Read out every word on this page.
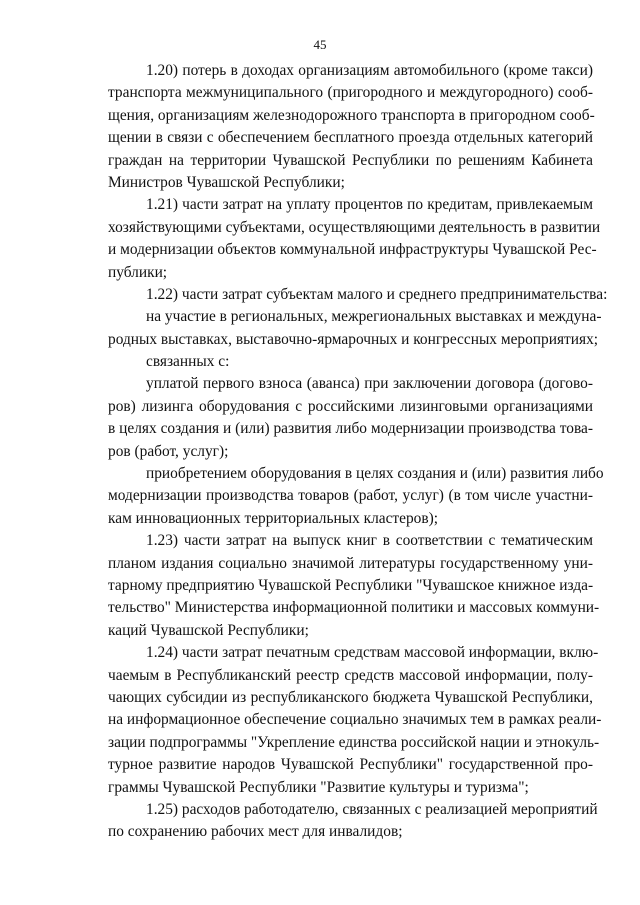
45
1.20) потерь в доходах организациям автомобильного (кроме такси)
транспорта межмуниципального (пригородного и междугородного) сооб-
щения, организациям железнодорожного транспорта в пригородном сооб-
щении в связи с обеспечением бесплатного проезда отдельных категорий
граждан на территории Чувашской Республики по решениям Кабинета
Министров Чувашской Республики;
1.21) части затрат на уплату процентов по кредитам, привлекаемым
хозяйствующими субъектами, осуществляющими деятельность в развитии
и модернизации объектов коммунальной инфраструктуры Чувашской Рес-
публики;
1.22) части затрат субъектам малого и среднего предпринимательства:
на участие в региональных, межрегиональных выставках и междуна-
родных выставках, выставочно-ярмарочных и конгрессных мероприятиях;
связанных с:
уплатой первого взноса (аванса) при заключении договора (догово-
ров) лизинга оборудования с российскими лизинговыми организациями
в целях создания и (или) развития либо модернизации производства това-
ров (работ, услуг);
приобретением оборудования в целях создания и (или) развития либо
модернизации производства товаров (работ, услуг) (в том числе участни-
кам инновационных территориальных кластеров);
1.23) части затрат на выпуск книг в соответствии с тематическим
планом издания социально значимой литературы государственному уни-
тарному предприятию Чувашской Республики "Чувашское книжное изда-
тельство" Министерства информационной политики и массовых коммуни-
каций Чувашской Республики;
1.24) части затрат печатным средствам массовой информации, вклю-
чаемым в Республиканский реестр средств массовой информации, полу-
чающих субсидии из республиканского бюджета Чувашской Республики,
на информационное обеспечение социально значимых тем в рамках реали-
зации подпрограммы "Укрепление единства российской нации и этнокуль-
турное развитие народов Чувашской Республики" государственной про-
граммы Чувашской Республики "Развитие культуры и туризма";
1.25) расходов работодателю, связанных с реализацией мероприятий
по сохранению рабочих мест для инвалидов;
